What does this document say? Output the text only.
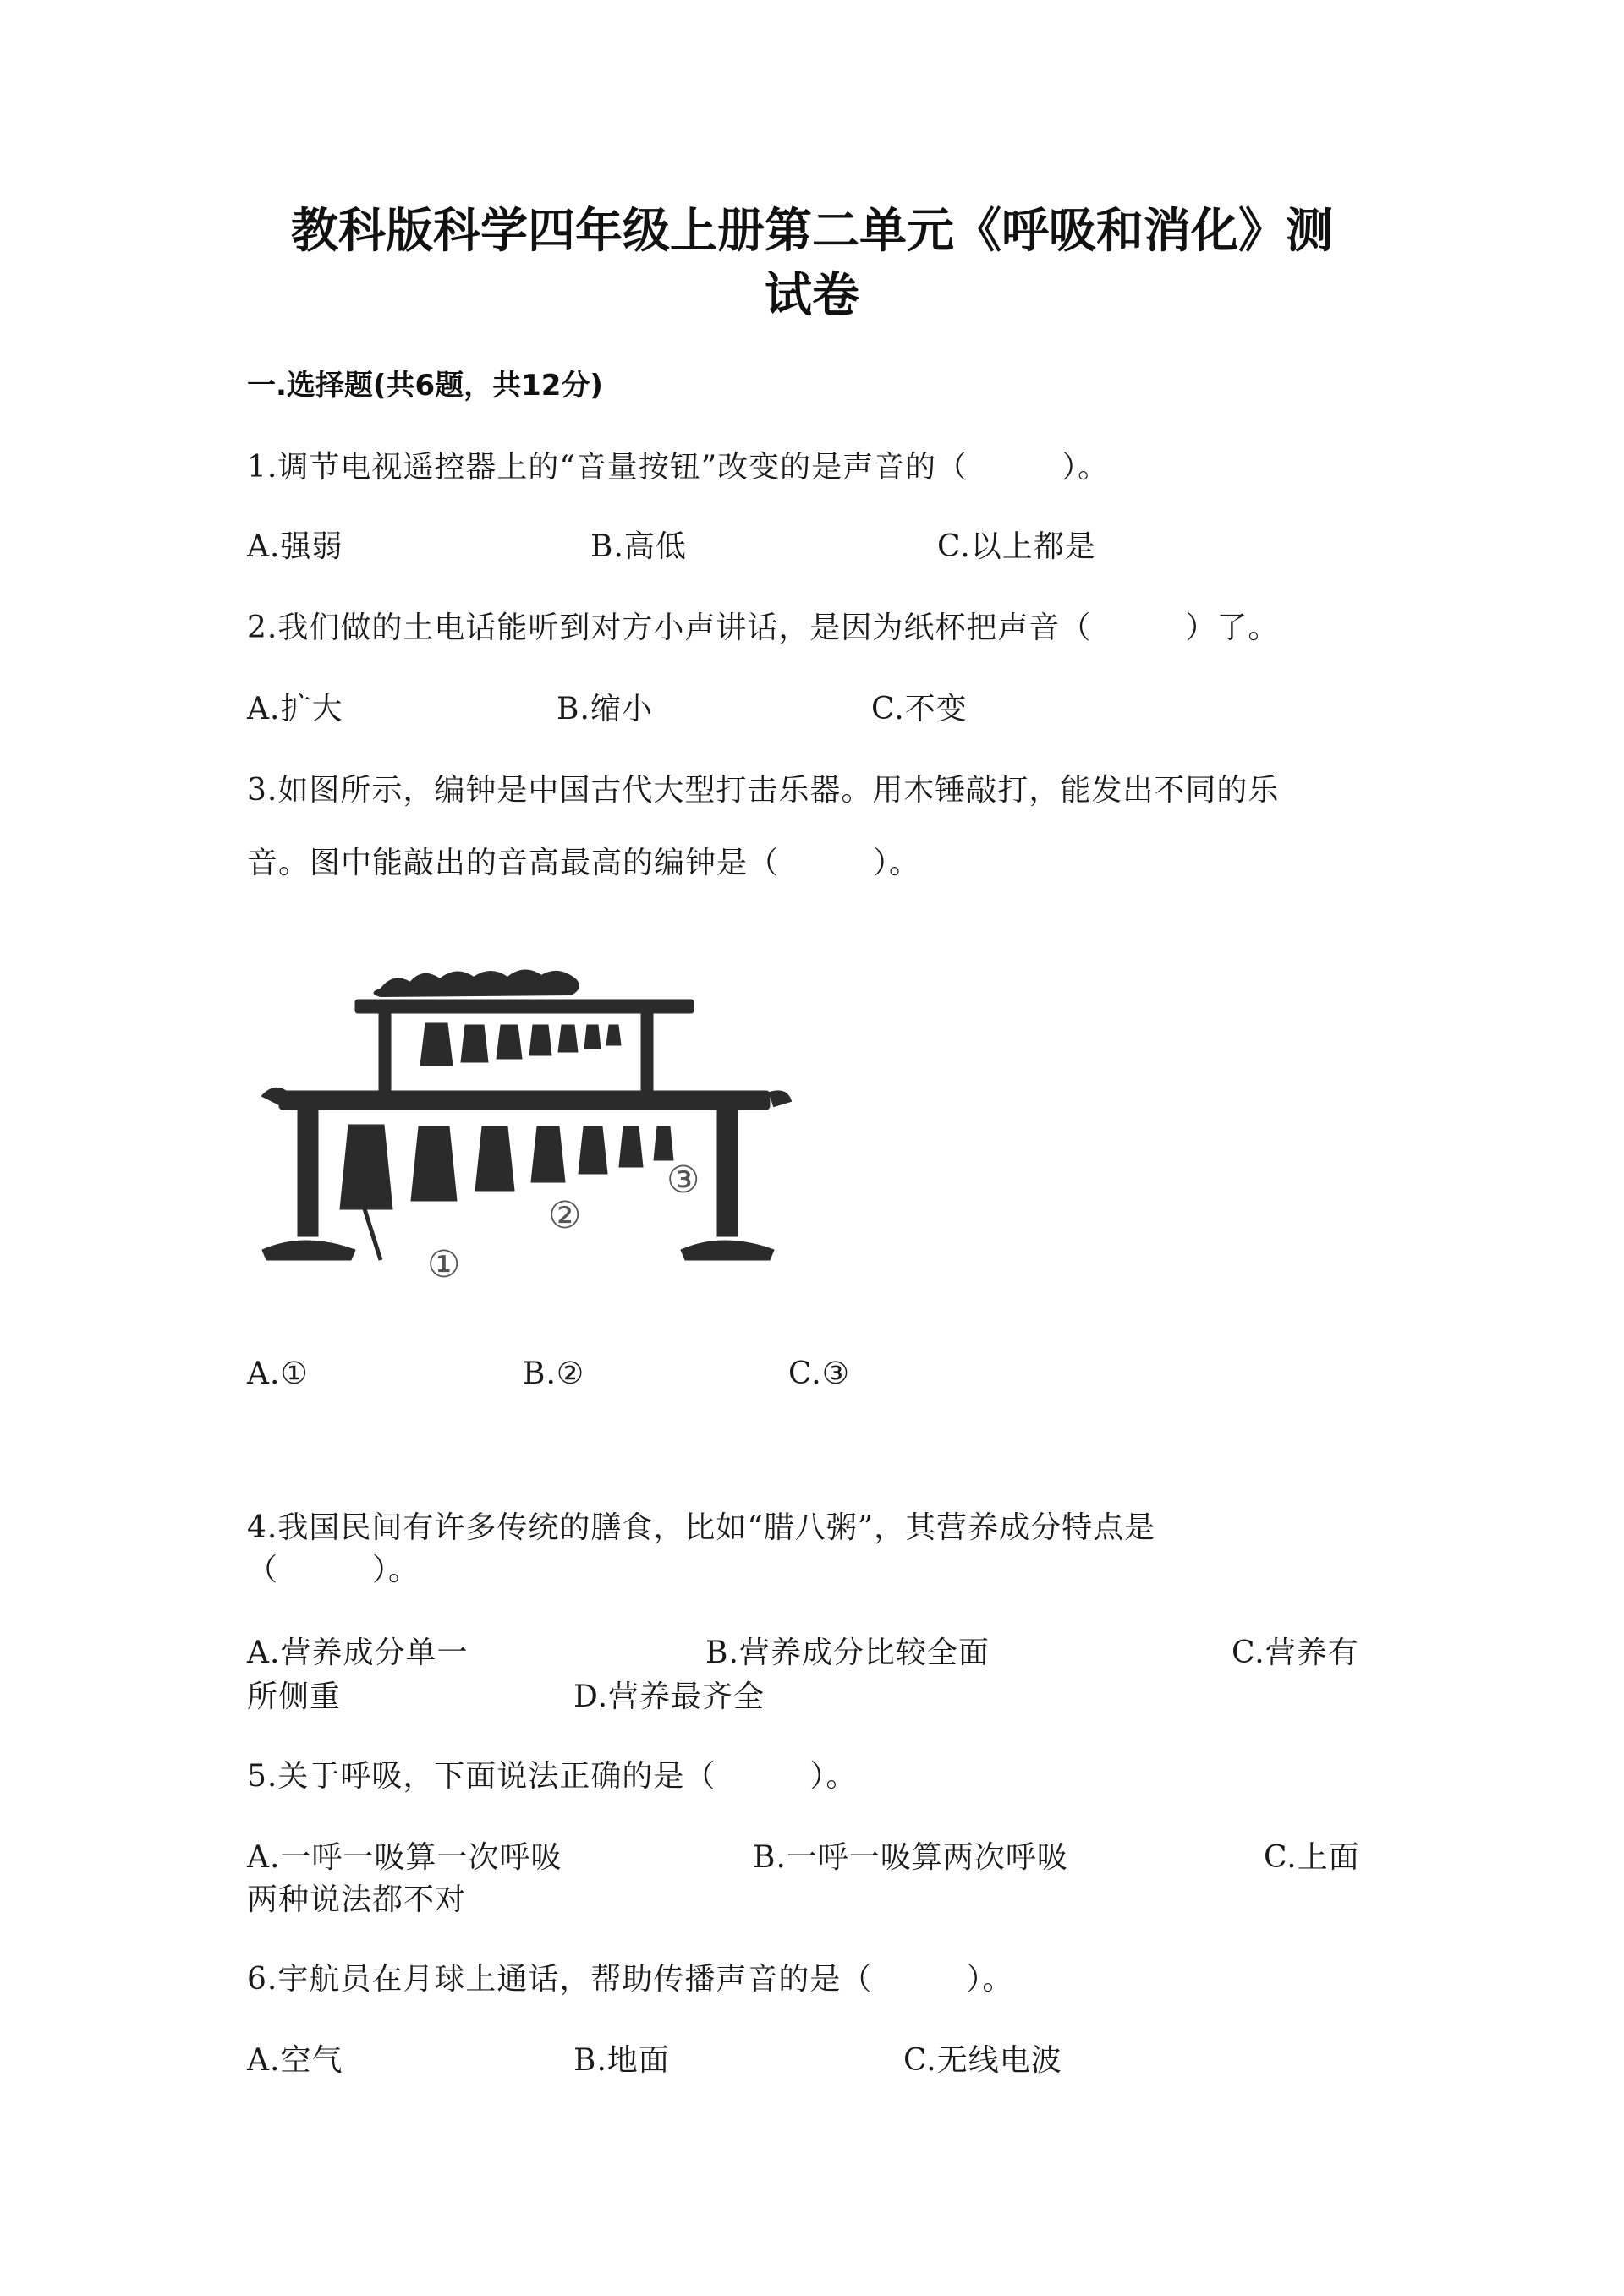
教科版科学四年级上册第二单元《呼吸和消化》测
试卷
一.选择题(共6题，共12分)
1.调节电视遥控器上的“音量按钮”改变的是声音的（　　　）。
A.强弱	B.高低	C.以上都是
2.我们做的土电话能听到对方小声讲话，是因为纸杯把声音（　　　）了。
A.扩大	B.缩小	C.不变
3.如图所示，编钟是中国古代大型打击乐器。用木锤敲打，能发出不同的乐
音。图中能敲出的音高最高的编钟是（　　　）。
①
②
③
A.①	B.②	C.③
4.我国民间有许多传统的膳食，比如“腊八粥”，其营养成分特点是
（　　　）。
A.营养成分单一	B.营养成分比较全面	C.营养有
所侧重	D.营养最齐全
5.关于呼吸，下面说法正确的是（　　　）。
A.一呼一吸算一次呼吸	B.一呼一吸算两次呼吸	C.上面
两种说法都不对
6.宇航员在月球上通话，帮助传播声音的是（　　　）。
A.空气	B.地面	C.无线电波
